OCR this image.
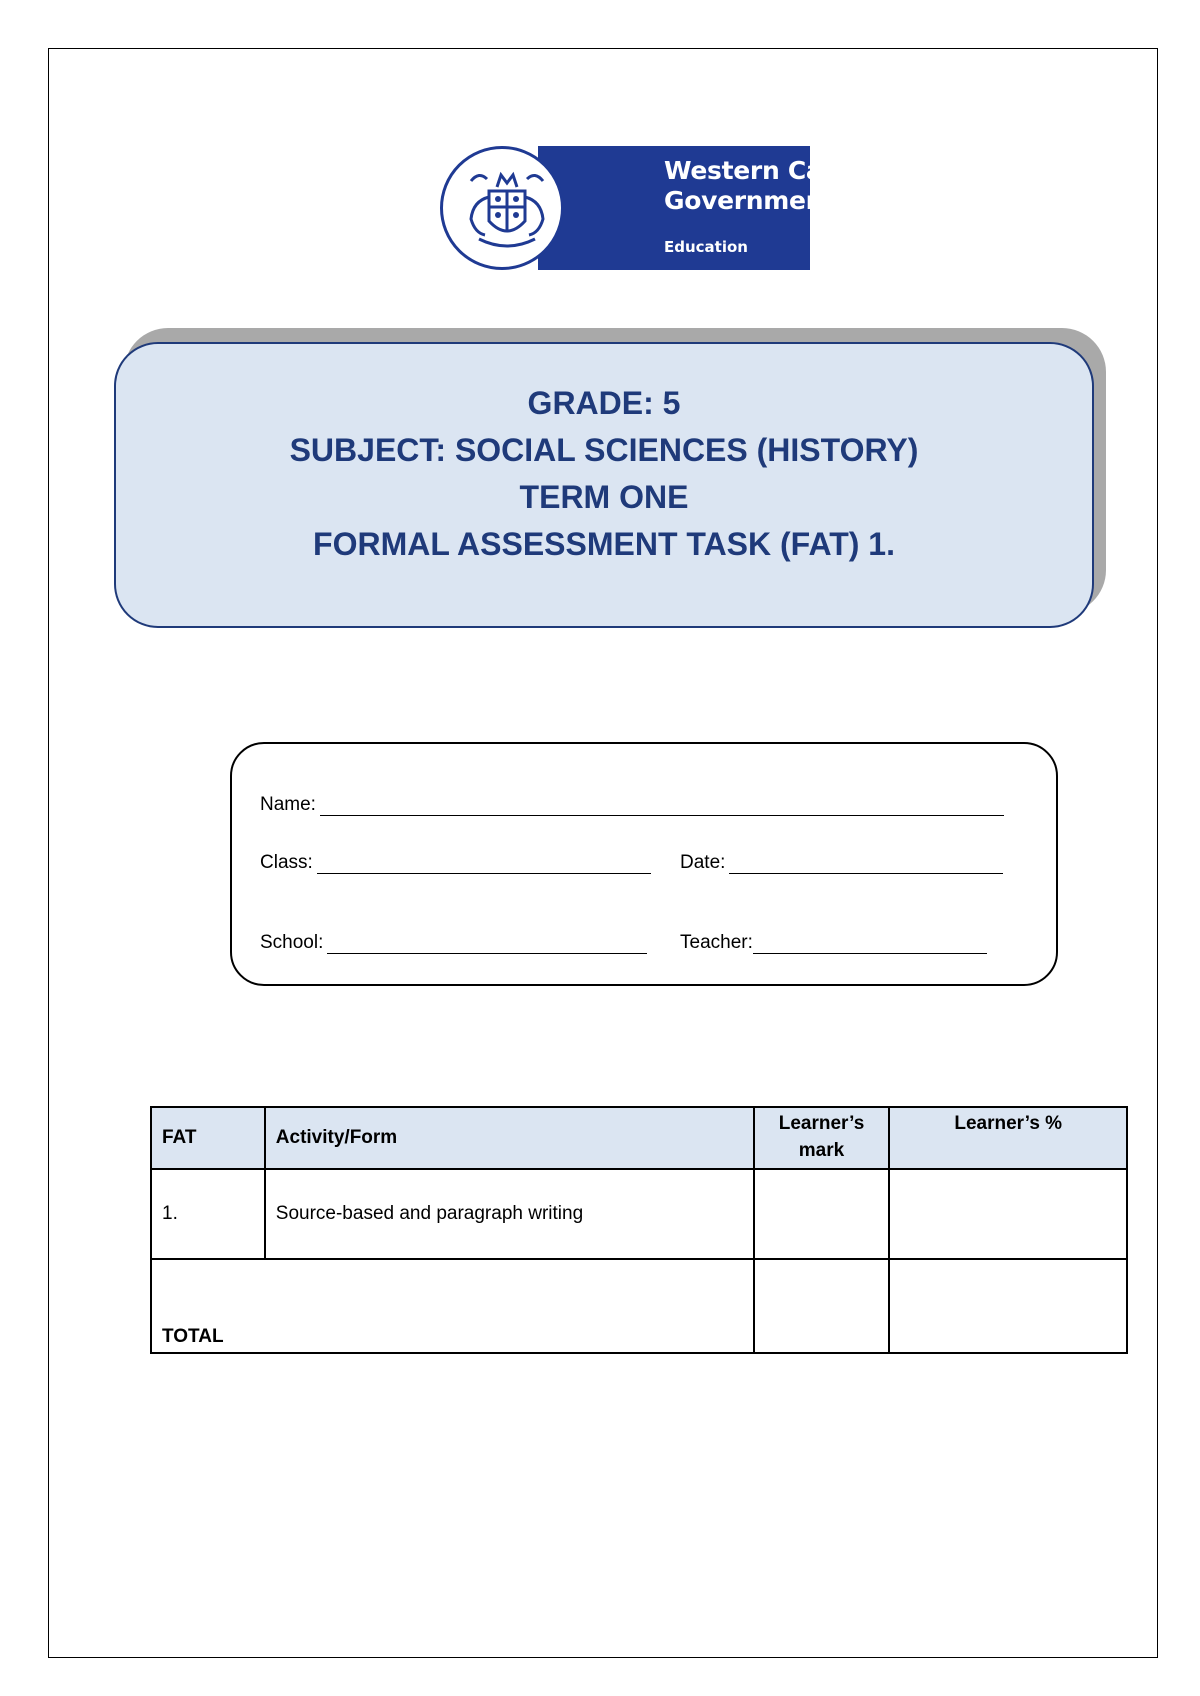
Western Cape
Government
Education
GRADE: 5
SUBJECT: SOCIAL SCIENCES (HISTORY)
TERM ONE
FORMAL ASSESSMENT TASK (FAT) 1.
Name:
Class:	Date:
School:	Teacher:
FAT	Activity/Form	Learner’s mark	Learner’s %
1.	Source-based and paragraph writing		
TOTAL			
